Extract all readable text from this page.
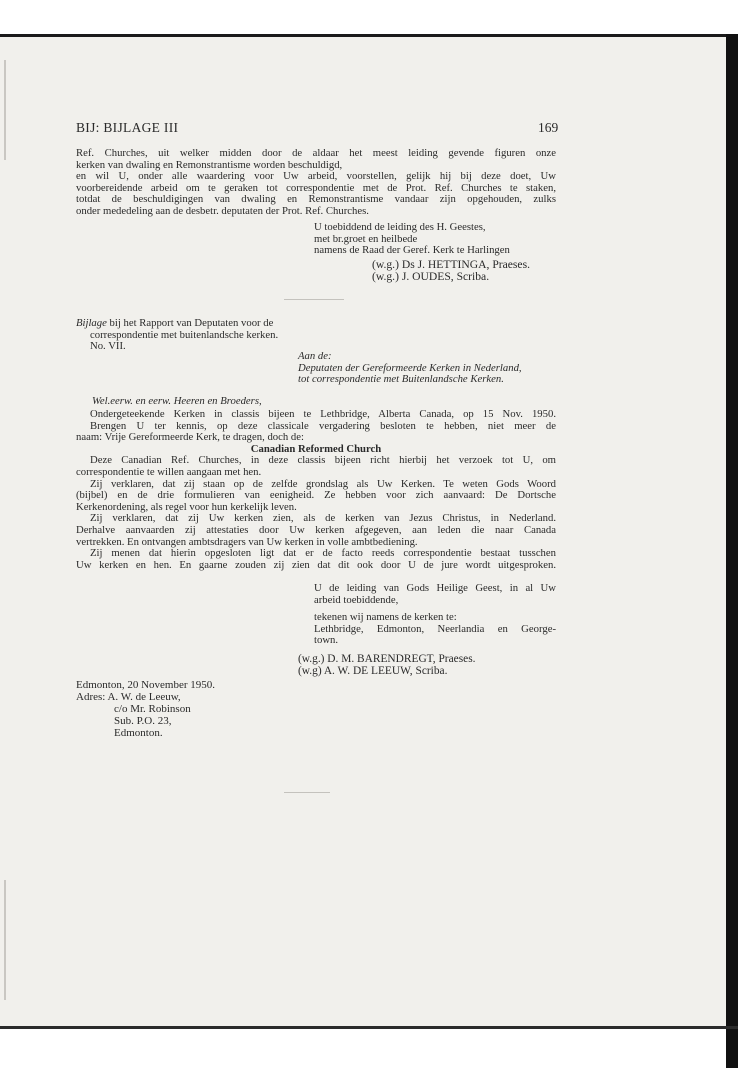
BIJ: BIJLAGE III	169
Ref. Churches, uit welker midden door de aldaar het meest leiding gevende figuren onze
kerken van dwaling en Remonstrantisme worden beschuldigd,
en wil U, onder alle waardering voor Uw arbeid, voorstellen, gelijk hij bij deze doet, Uw
voorbereidende arbeid om te geraken tot correspondentie met de Prot. Ref. Churches te staken,
totdat de beschuldigingen van dwaling en Remonstrantisme vandaar zijn opgehouden, zulks
onder mededeling aan de desbetr. deputaten der Prot. Ref. Churches.
U toebiddend de leiding des H. Geestes,
met br.groet en heilbede
namens de Raad der Geref. Kerk te Harlingen
(w.g.) Ds J. HETTINGA, Praeses.
(w.g.) J. OUDES, Scriba.
Bijlage bij het Rapport van Deputaten voor de
correspondentie met buitenlandsche kerken.
No. VII.
Aan de:
Deputaten der Gereformeerde Kerken in Nederland,
tot correspondentie met Buitenlandsche Kerken.
Wel.eerw. en eerw. Heeren en Broeders,
Ondergeteekende Kerken in classis bijeen te Lethbridge, Alberta Canada, op 15 Nov. 1950.
Brengen U ter kennis, op deze classicale vergadering besloten te hebben, niet meer de
naam: Vrije Gereformeerde Kerk, te dragen, doch de:
Canadian Reformed Church
Deze Canadian Ref. Churches, in deze classis bijeen richt hierbij het verzoek tot U, om
correspondentie te willen aangaan met hen.
Zij verklaren, dat zij staan op de zelfde grondslag als Uw Kerken. Te weten Gods Woord
(bijbel) en de drie formulieren van eenigheid. Ze hebben voor zich aanvaard: De Dortsche
Kerkenordening, als regel voor hun kerkelijk leven.
Zij verklaren, dat zij Uw kerken zien, als de kerken van Jezus Christus, in Nederland.
Derhalve aanvaarden zij attestaties door Uw kerken afgegeven, aan leden die naar Canada
vertrekken. En ontvangen ambtsdragers van Uw kerken in volle ambtbediening.
Zij menen dat hierin opgesloten ligt dat er de facto reeds correspondentie bestaat tusschen
Uw kerken en hen. En gaarne zouden zij zien dat dit ook door U de jure wordt uitgesproken.
U de leiding van Gods Heilige Geest, in al Uw
arbeid toebiddende,
tekenen wij namens de kerken te:
Lethbridge, Edmonton, Neerlandia en George-
town.
(w.g.) D. M. BARENDREGT, Praeses.
(w.g) A. W. DE LEEUW, Scriba.
Edmonton, 20 November 1950.
Adres: A. W. de Leeuw,
c/o Mr. Robinson
Sub. P.O. 23,
Edmonton.
